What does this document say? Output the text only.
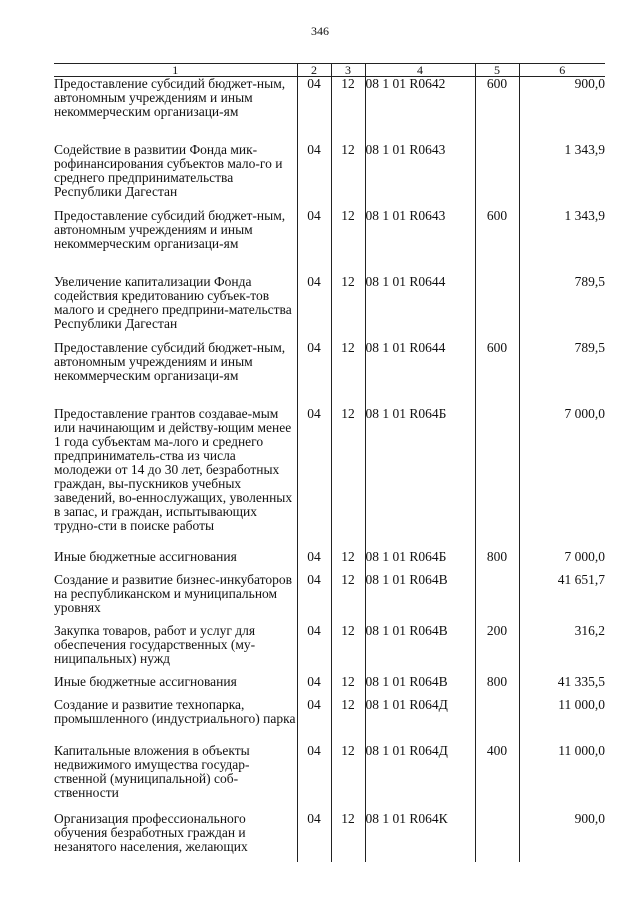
346
1	2	3	4	5	6
Предоставление субсидий бюджет-ным, автономным учреждениям и иным некоммерческим организаци-ям	04	12	08 1 01 R0642	600	900,0
Содействие в развитии Фонда мик-рофинансирования субъектов мало-го и среднего предпринимательства Республики Дагестан	04	12	08 1 01 R0643		1 343,9
Предоставление субсидий бюджет-ным, автономным учреждениям и иным некоммерческим организаци-ям	04	12	08 1 01 R0643	600	1 343,9
Увеличение капитализации Фонда содействия кредитованию субъек-тов малого и среднего предприни-мательства Республики Дагестан	04	12	08 1 01 R0644		789,5
Предоставление субсидий бюджет-ным, автономным учреждениям и иным некоммерческим организаци-ям	04	12	08 1 01 R0644	600	789,5
Предоставление грантов создавае-мым или начинающим и действу-ющим менее 1 года субъектам ма-лого и среднего предприниматель-ства из числа молодежи от 14 до 30 лет, безработных граждан, вы-пускников учебных заведений, во-еннослужащих, уволенных в запас, и граждан, испытывающих трудно-сти в поиске работы	04	12	08 1 01 R064Б		7 000,0
Иные бюджетные ассигнования	04	12	08 1 01 R064Б	800	7 000,0
Создание и развитие бизнес-инкубаторов на республиканском и муниципальном уровнях	04	12	08 1 01 R064В		41 651,7
Закупка товаров, работ и услуг для обеспечения государственных (му-ниципальных) нужд	04	12	08 1 01 R064В	200	316,2
Иные бюджетные ассигнования	04	12	08 1 01 R064В	800	41 335,5
Создание и развитие технопарка, промышленного (индустриального) парка	04	12	08 1 01 R064Д		11 000,0
Капитальные вложения в объекты недвижимого имущества государ-ственной (муниципальной) соб-ственности	04	12	08 1 01 R064Д	400	11 000,0
Организация профессионального обучения безработных граждан и незанятого населения, желающих	04	12	08 1 01 R064К		900,0
